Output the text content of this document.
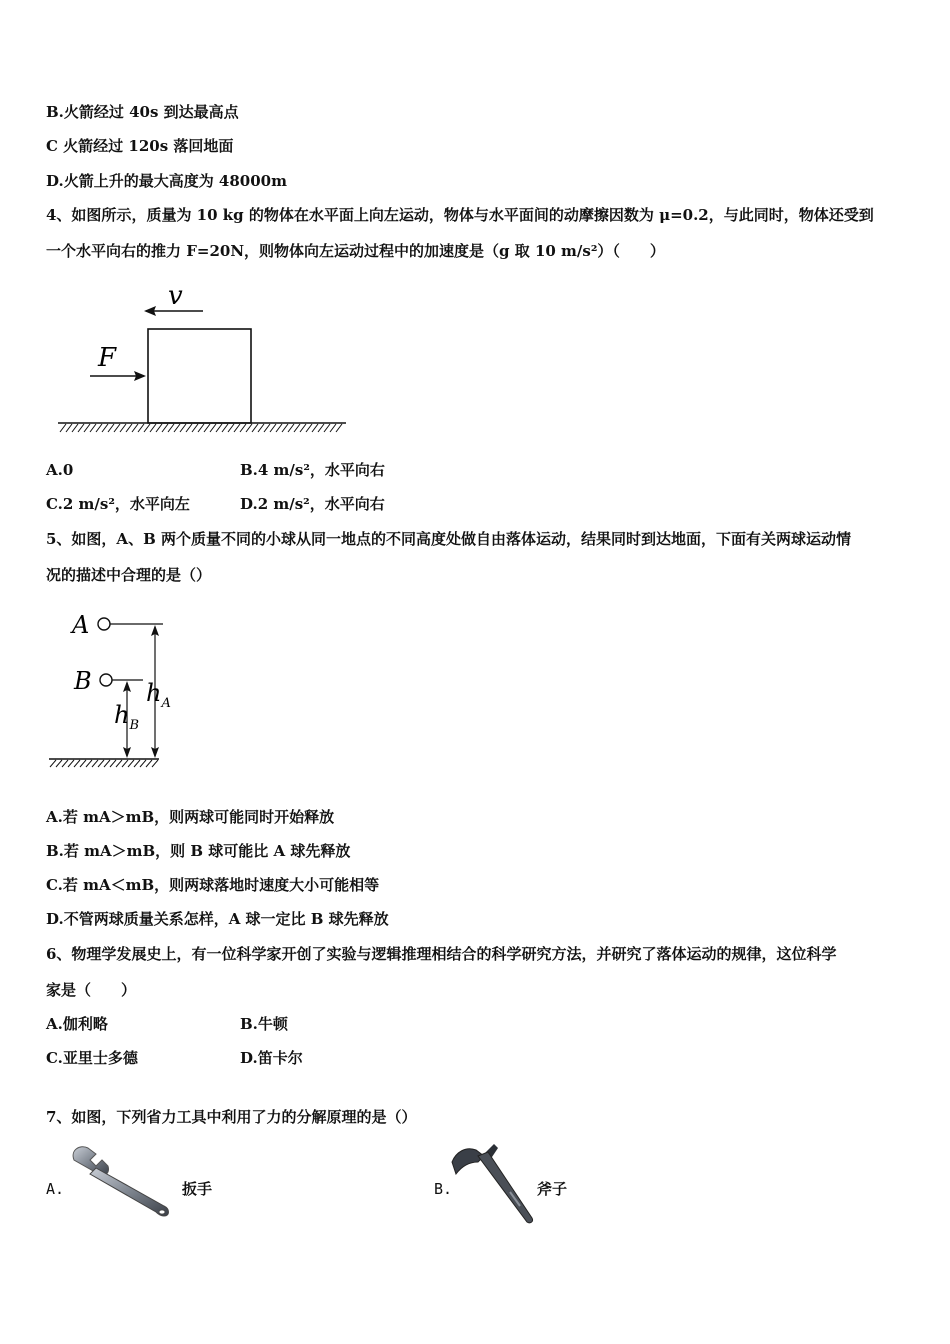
B.火箭经过 40s 到达最高点
C 火箭经过 120s 落回地面
D.火箭上升的最大高度为 48000m
4、如图所示，质量为 10 kg 的物体在水平面上向左运动，物体与水平面间的动摩擦因数为 μ=0.2，与此同时，物体还受到
一个水平向右的推力 F=20N，则物体向左运动过程中的加速度是（g 取 10 m/s²）（　　）
v
F
A.0	B.4 m/s²，水平向右
C.2 m/s²，水平向左	D.2 m/s²，水平向右
5、如图，A、B 两个质量不同的小球从同一地点的不同高度处做自由落体运动，结果同时到达地面，下面有关两球运动情
况的描述中合理的是（）
A
B $h_A$
$h_B$
A.若 mA＞mB，则两球可能同时开始释放
B.若 mA＞mB，则 B 球可能比 A 球先释放
C.若 mA＜mB，则两球落地时速度大小可能相等
D.不管两球质量关系怎样，A 球一定比 B 球先释放
6、物理学发展史上，有一位科学家开创了实验与逻辑推理相结合的科学研究方法，并研究了落体运动的规律，这位科学
家是（　　）
A.伽利略	B.牛顿
C.亚里士多德	D.笛卡尔
7、如图，下列省力工具中利用了力的分解原理的是（）
A.	扳手	B.	斧子
